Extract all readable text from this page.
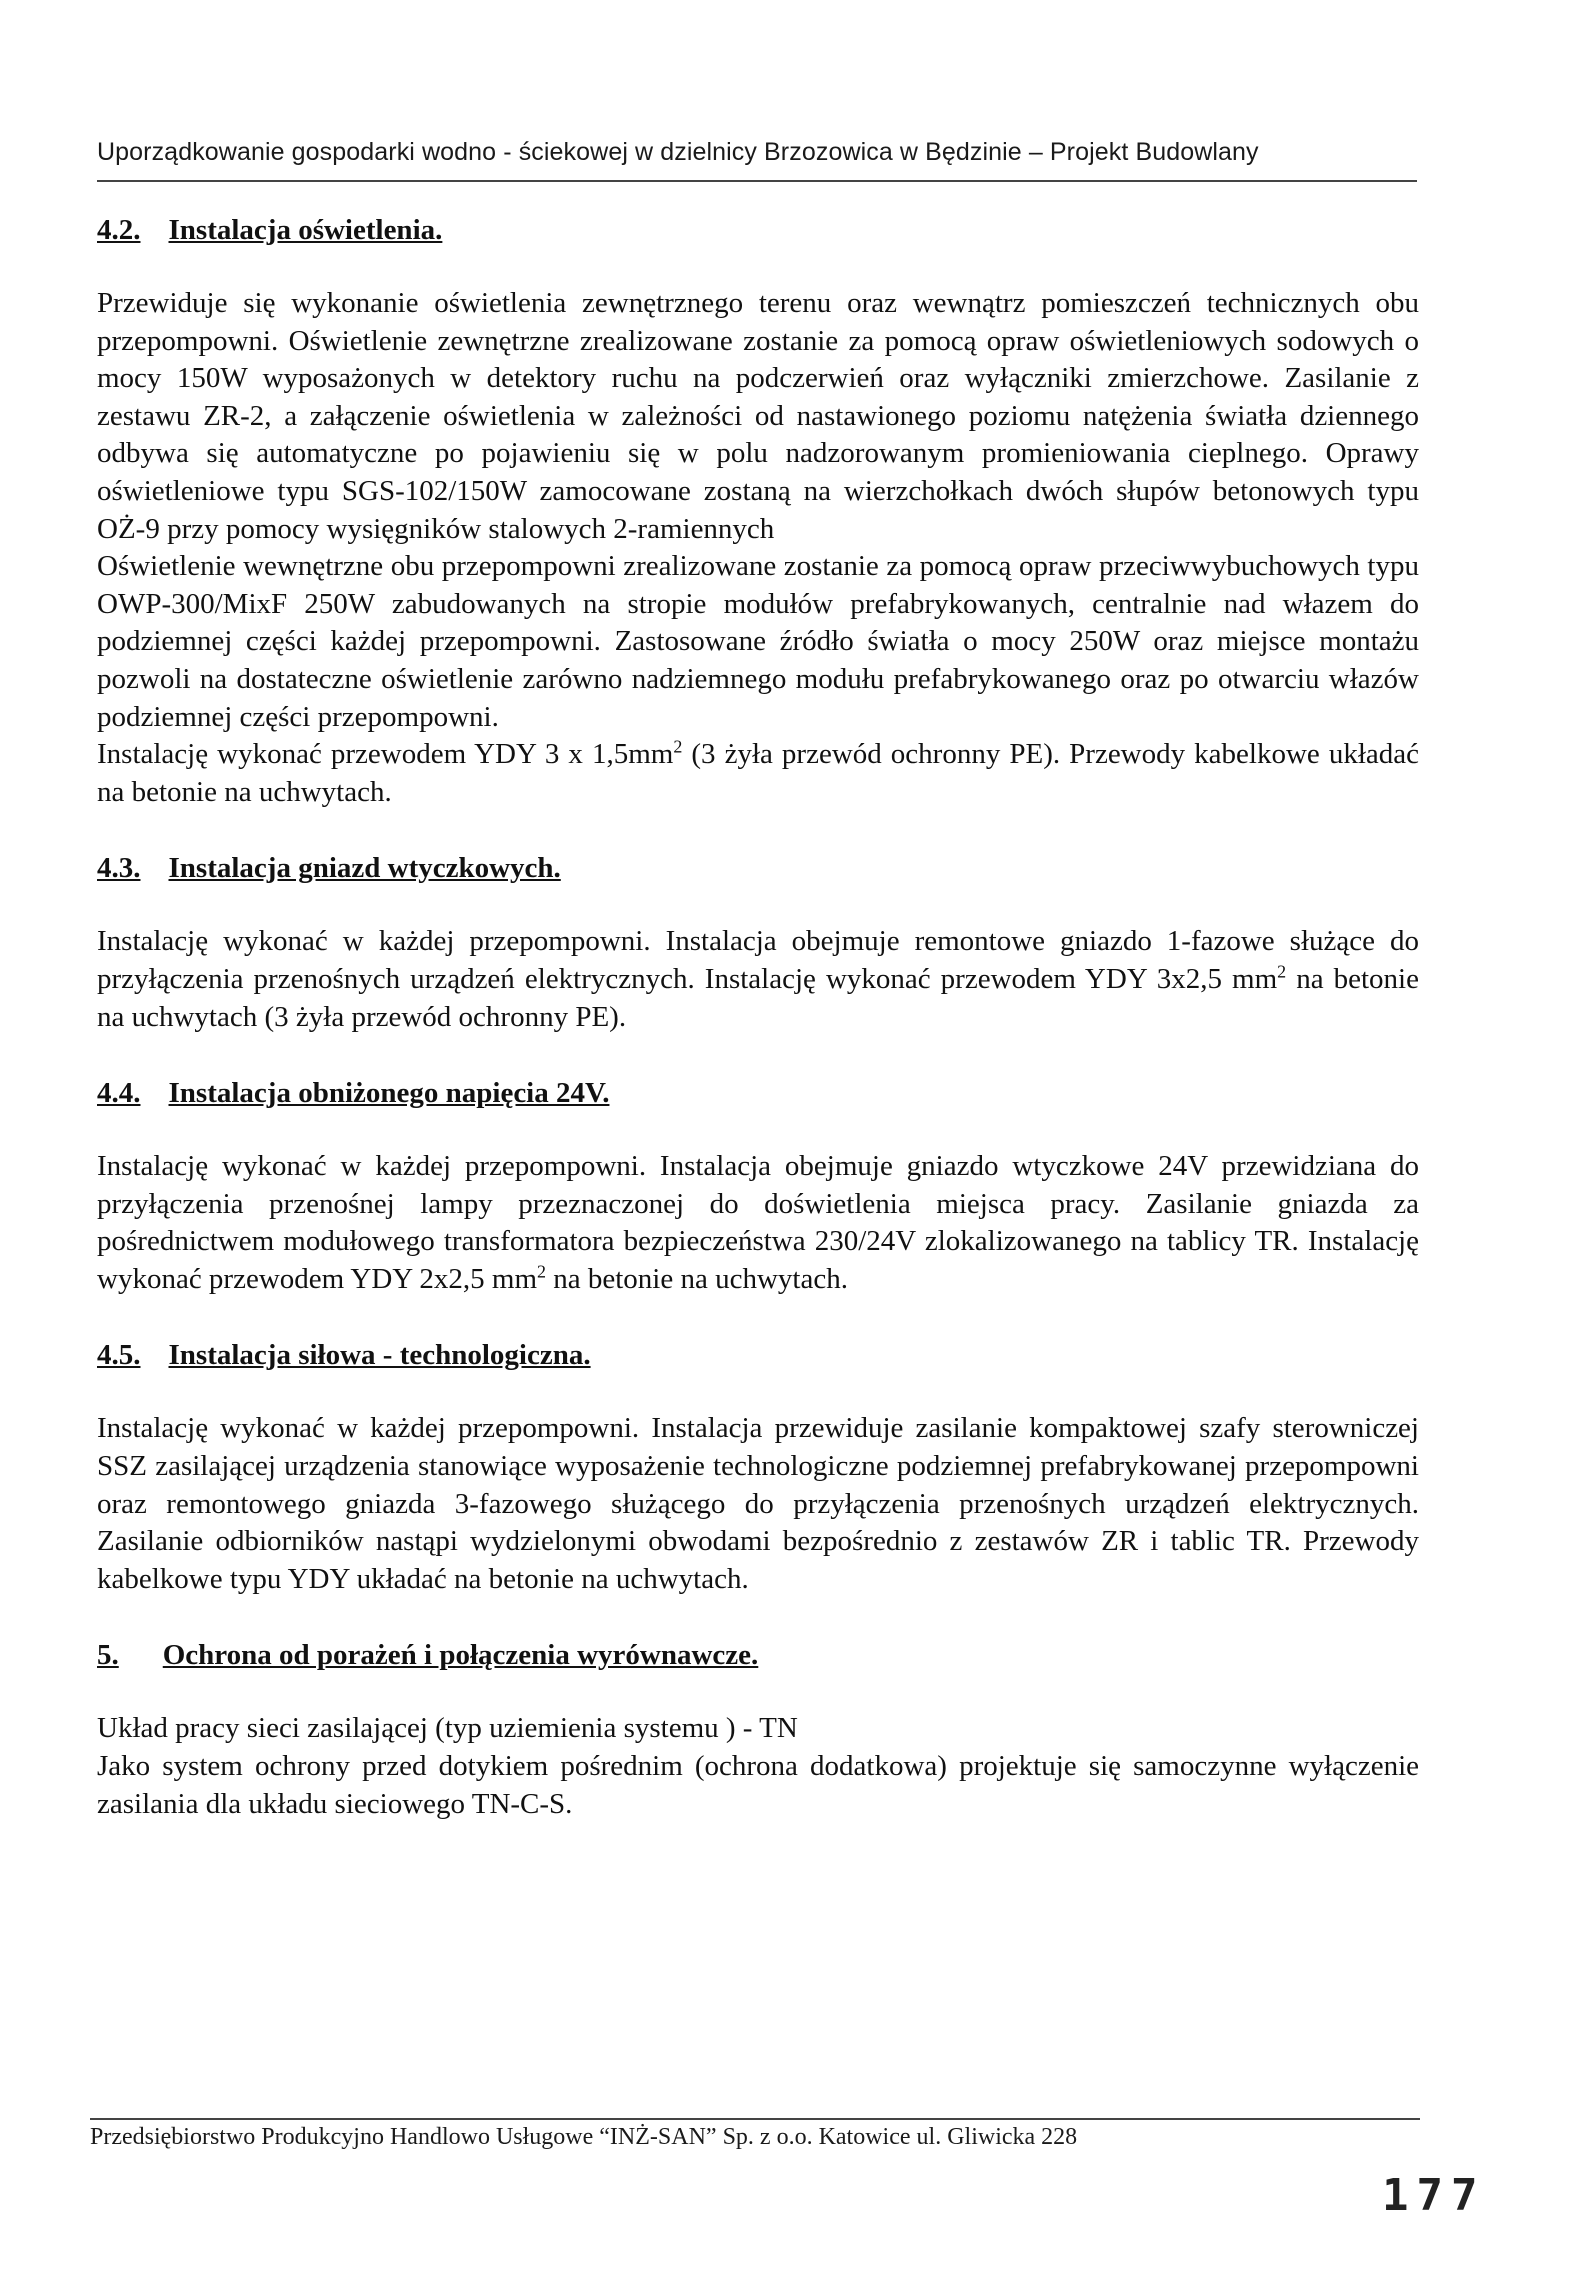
Uporządkowanie gospodarki wodno - ściekowej w dzielnicy Brzozowica w Będzinie – Projekt Budowlany
4.2. Instalacja oświetlenia.

Przewiduje się wykonanie oświetlenia zewnętrznego terenu oraz wewnątrz pomieszczeń technicznych obu przepompowni. Oświetlenie zewnętrzne zrealizowane zostanie za pomocą opraw oświetleniowych sodowych o mocy 150W wyposażonych w detektory ruchu na podczerwień oraz wyłączniki zmierzchowe. Zasilanie z zestawu ZR-2, a załączenie oświetlenia w zależności od nastawionego poziomu natężenia światła dziennego odbywa się automatyczne po pojawieniu się w polu nadzorowanym promieniowania cieplnego. Oprawy oświetleniowe typu SGS-102/150W zamocowane zostaną na wierzchołkach dwóch słupów betonowych typu OŻ-9 przy pomocy wysięgników stalowych 2-ramiennych

Oświetlenie wewnętrzne obu przepompowni zrealizowane zostanie za pomocą opraw przeciwwybuchowych typu OWP-300/MixF 250W zabudowanych na stropie modułów prefabrykowanych, centralnie nad włazem do podziemnej części każdej przepompowni. Zastosowane źródło światła o mocy 250W oraz miejsce montażu pozwoli na dostateczne oświetlenie zarówno nadziemnego modułu prefabrykowanego oraz po otwarciu włazów podziemnej części przepompowni.

Instalację wykonać przewodem YDY 3 x $1,5mm^2$ (3 żyła przewód ochronny PE). Przewody kabelkowe układać na betonie na uchwytach.

4.3. Instalacja gniazd wtyczkowych.

Instalację wykonać w każdej przepompowni. Instalacja obejmuje remontowe gniazdo 1-fazowe służące do przyłączenia przenośnych urządzeń elektrycznych. Instalację wykonać przewodem YDY 3x2,5 $mm^2$ na betonie na uchwytach (3 żyła przewód ochronny PE).

4.4. Instalacja obniżonego napięcia 24V.

Instalację wykonać w każdej przepompowni. Instalacja obejmuje gniazdo wtyczkowe 24V przewidziana do przyłączenia przenośnej lampy przeznaczonej do doświetlenia miejsca pracy. Zasilanie gniazda za pośrednictwem modułowego transformatora bezpieczeństwa 230/24V zlokalizowanego na tablicy TR. Instalację wykonać przewodem YDY 2x2,5 $mm^2$ na betonie na uchwytach.

4.5. Instalacja siłowa - technologiczna.

Instalację wykonać w każdej przepompowni. Instalacja przewiduje zasilanie kompaktowej szafy sterowniczej SSZ zasilającej urządzenia stanowiące wyposażenie technologiczne podziemnej prefabrykowanej przepompowni oraz remontowego gniazda 3-fazowego służącego do przyłączenia przenośnych urządzeń elektrycznych. Zasilanie odbiorników nastąpi wydzielonymi obwodami bezpośrednio z zestawów ZR i tablic TR. Przewody kabelkowe typu YDY układać na betonie na uchwytach.

5. Ochrona od porażeń i połączenia wyrównawcze.

Układ pracy sieci zasilającej (typ uziemienia systemu ) - TN

Jako system ochrony przed dotykiem pośrednim (ochrona dodatkowa) projektuje się samoczynne wyłączenie zasilania dla układu sieciowego TN-C-S.

Przedsiębiorstwo Produkcyjno Handlowo Usługowe “INŻ-SAN” Sp. z o.o. Katowice ul. Gliwicka 228
177
